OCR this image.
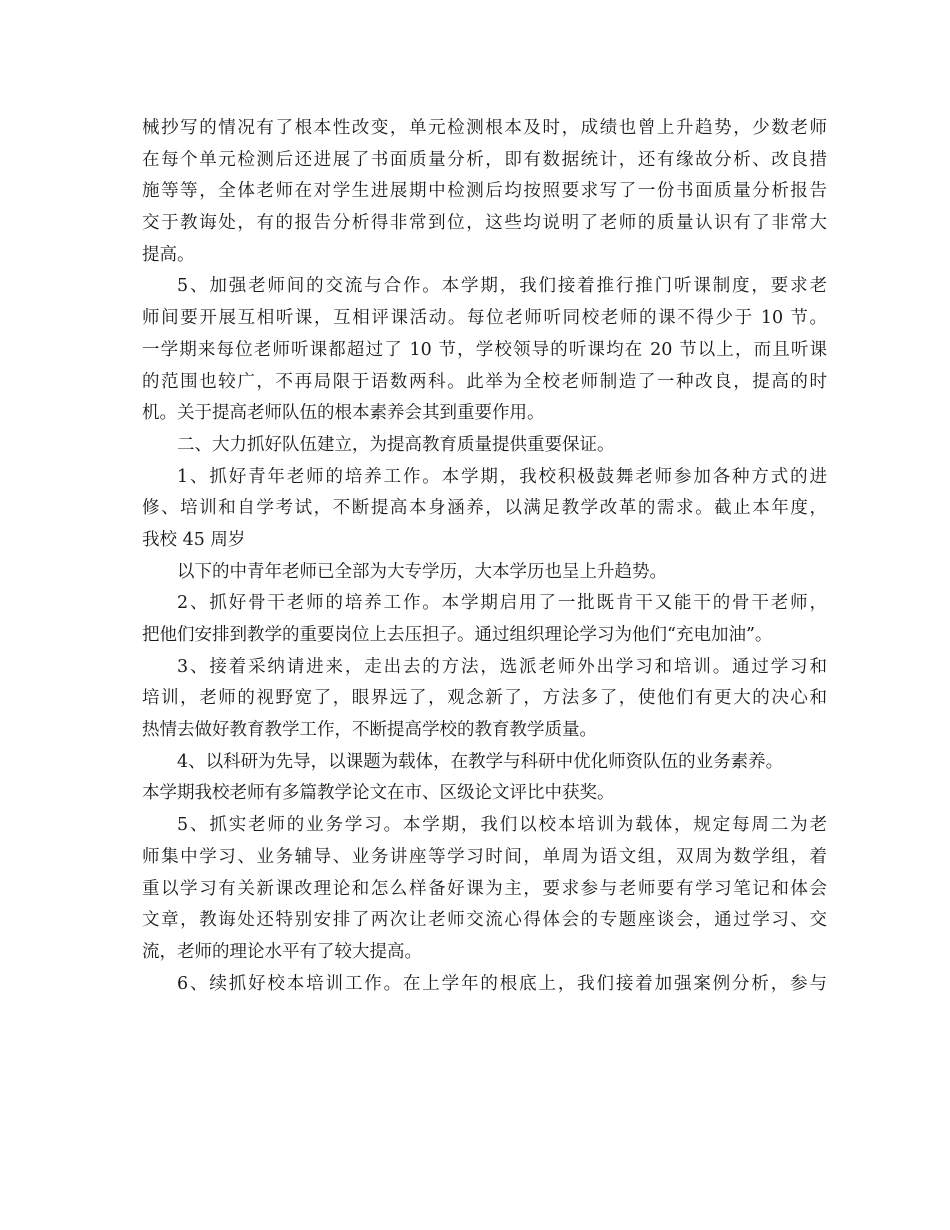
械抄写的情况有了根本性改变，单元检测根本及时，成绩也曾上升趋势，少数老师
在每个单元检测后还进展了书面质量分析，即有数据统计，还有缘故分析、改良措
施等等，全体老师在对学生进展期中检测后均按照要求写了一份书面质量分析报告
交于教诲处，有的报告分析得非常到位，这些均说明了老师的质量认识有了非常大
提高。
5、加强老师间的交流与合作。本学期，我们接着推行推门听课制度，要求老
师间要开展互相听课，互相评课活动。每位老师听同校老师的课不得少于 10 节。
一学期来每位老师听课都超过了 10 节，学校领导的听课均在 20 节以上，而且听课
的范围也较广，不再局限于语数两科。此举为全校老师制造了一种改良，提高的时
机。关于提高老师队伍的根本素养会其到重要作用。
二、大力抓好队伍建立，为提高教育质量提供重要保证。
1、抓好青年老师的培养工作。本学期，我校积极鼓舞老师参加各种方式的进
修、培训和自学考试，不断提高本身涵养，以满足教学改革的需求。截止本年度，
我校 45 周岁
以下的中青年老师已全部为大专学历，大本学历也呈上升趋势。
2、抓好骨干老师的培养工作。本学期启用了一批既肯干又能干的骨干老师，
把他们安排到教学的重要岗位上去压担子。通过组织理论学习为他们“充电加油”。
3、接着采纳请进来，走出去的方法，选派老师外出学习和培训。通过学习和
培训，老师的视野宽了，眼界远了，观念新了，方法多了，使他们有更大的决心和
热情去做好教育教学工作，不断提高学校的教育教学质量。
4、以科研为先导，以课题为载体，在教学与科研中优化师资队伍的业务素养。
本学期我校老师有多篇教学论文在市、区级论文评比中获奖。
5、抓实老师的业务学习。本学期，我们以校本培训为载体，规定每周二为老
师集中学习、业务辅导、业务讲座等学习时间，单周为语文组，双周为数学组，着
重以学习有关新课改理论和怎么样备好课为主，要求参与老师要有学习笔记和体会
文章，教诲处还特别安排了两次让老师交流心得体会的专题座谈会，通过学习、交
流，老师的理论水平有了较大提高。
6、续抓好校本培训工作。在上学年的根底上，我们接着加强案例分析，参与
